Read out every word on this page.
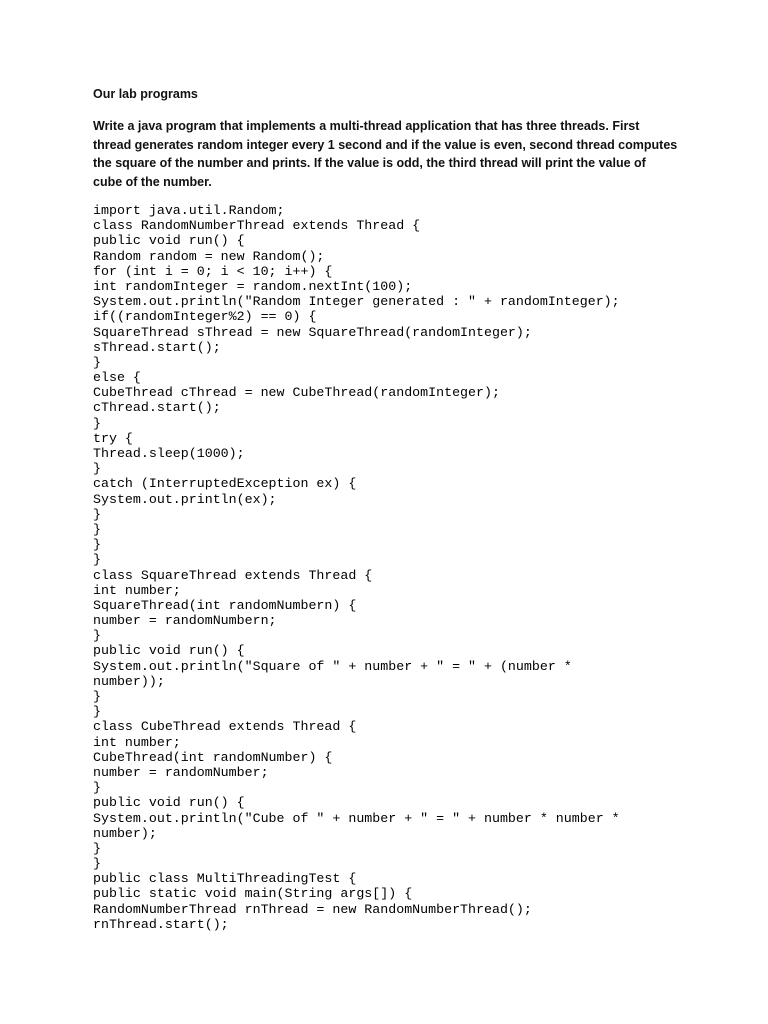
Our lab programs

Write a java program that implements a multi-thread application that has three threads. First
thread generates random integer every 1 second and if the value is even, second thread computes
the square of the number and prints. If the value is odd, the third thread will print the value of
cube of the number.

import java.util.Random;
class RandomNumberThread extends Thread {
public void run() {
Random random = new Random();
for (int i = 0; i < 10; i++) {
int randomInteger = random.nextInt(100);
System.out.println("Random Integer generated : " + randomInteger);
if((randomInteger%2) == 0) {
SquareThread sThread = new SquareThread(randomInteger);
sThread.start();
}
else {
CubeThread cThread = new CubeThread(randomInteger);
cThread.start();
}
try {
Thread.sleep(1000);
}
catch (InterruptedException ex) {
System.out.println(ex);
}
}
}
}
class SquareThread extends Thread {
int number;
SquareThread(int randomNumbern) {
number = randomNumbern;
}
public void run() {
System.out.println("Square of " + number + " = " + (number *
number));
}
}
class CubeThread extends Thread {
int number;
CubeThread(int randomNumber) {
number = randomNumber;
}
public void run() {
System.out.println("Cube of " + number + " = " + number * number *
number);
}
}
public class MultiThreadingTest {
public static void main(String args[]) {
RandomNumberThread rnThread = new RandomNumberThread();
rnThread.start();
